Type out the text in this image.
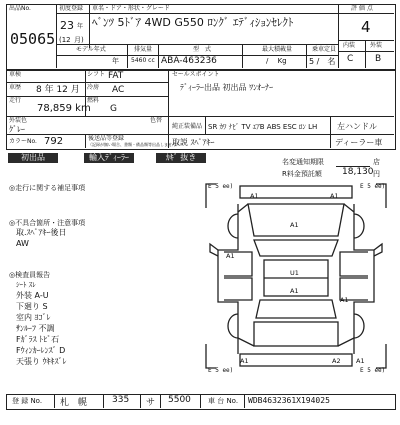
出品No.
05065
初度登録
23 年
(12 月)
車名・ドア・形状・グレード
ﾍﾞﾝﾂ 5ﾄﾞｱ 4WD G550 ﾛﾝｸﾞ ｴﾃﾞｨｼｮﾝｾﾚｸﾄ
モデル年式	排気量	型　式	最大積載量	乗車定員
年 5460 cc ABA-463236	/　 Kg	5 /　名
評 価 点
4
内装 外装
C B
車検	シフト FAT	セールスポイント
ﾃﾞｨｰﾗｰ出品 初出品 ﾜﾝｵｰﾅｰ
車歴 8 年 12 月 冷房 AC
走行
78,859 km
燃料
G
外装色
ｸﾞﾚｰ
色替
純正装備品 SR ｶﾜ ﾅﾋﾞ TV ｴｱB ABS ESC ﾛﾝ LH 左ハンドル
カラーNo. 792	後送品等登録
（記録が無い場合、書類・備品類等出品しません）
取説 ｽﾍﾟｱｷｰ	ディーラー車
初出品	輸入ﾃﾞｨｰﾗｰ	ｶｷﾞ 抜き	名変通知期限	店
R料金預託額 18,130 円
◎走行に関する補足事項
◎不具合箇所・注意事項
取.ｽﾍﾟｱｷｰ後日
AW
◎検査員報告
ｼｰﾄ ｽﾚ
外装 A-U
下廻り S
室内 ﾖｺﾞﾚ
ｻﾝﾙｰﾌ 不調
Fｶﾞﾗｽ ﾄﾋﾞ石
Fｳｨﾝｶｰﾚﾝｽﾞ D
天張り ｳｷｷｽﾞﾚ
E 5 ee)	E 5 ee)
E 5 ee)	E 5 ee)
A1	A1
A1
A1
U1
A1
A1
A1	A2 A1
登 録 No. 札　幌	335 サ 5500 車 台 No. WDB4632361X194025
